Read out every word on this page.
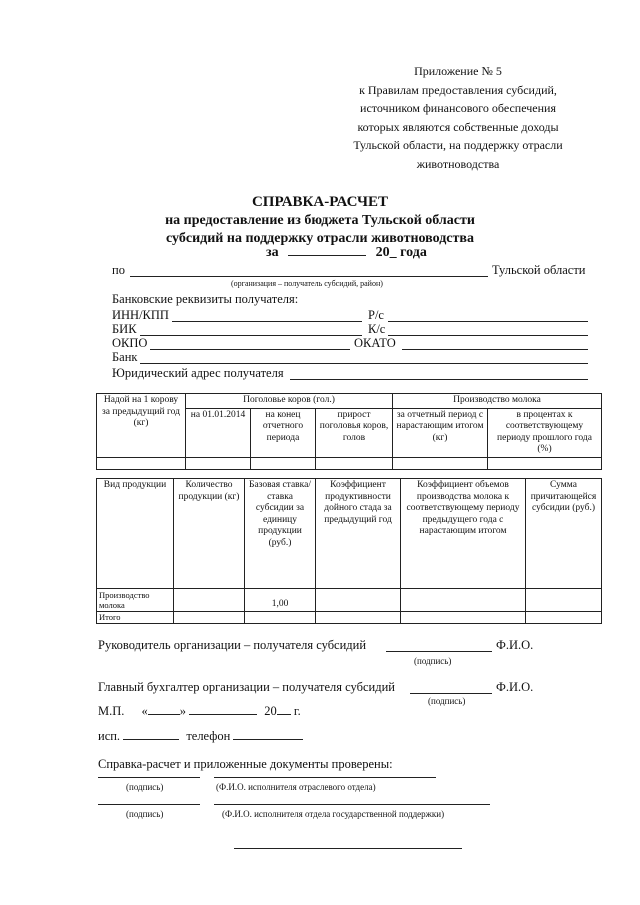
Приложение № 5
к Правилам предоставления субсидий,
источником финансового обеспечения
которых являются собственные доходы
Тульской области, на поддержку отрасли
животноводства
СПРАВКА-РАСЧЕТ
на предоставление из бюджета Тульской области
субсидий на поддержку отрасли животноводства
за	20_ года
по	Тульской области
(организация – получатель субсидий, район)
Банковские реквизиты получателя:
ИНН/КПП	Р/с
БИК	К/с
ОКПО	ОКАТО
Банк
Юридический адрес получателя
Надой на 1 корову за предыдущий год (кг)	Поголовье коров (гол.)			Производство молока	
	на 01.01.2014	на конец отчетного периода	прирост поголовья коров, голов	за отчетный период с нарастающим итогом (кг)	в процентах к соответствующему периоду прошлого года (%)

Вид продукции	Количество продукции (кг)	Базовая ставка/ ставка субсидии за единицу продукции (руб.)	Коэффициент продуктивности дойного стада за предыдущий год	Коэффициент объемов производства молока к соответствующему периоду предыдущего года с нарастающим итогом	Сумма причитающейся субсидии (руб.)
Производство молока		1,00			
Итого					
Руководитель организации – получателя субсидий	Ф.И.О.
(подпись)
Главный бухгалтер организации – получателя субсидий	Ф.И.О.
(подпись)
М.П. «	»	20 г.
исп.	телефон
Справка-расчет и приложенные документы проверены:
(подпись)	(Ф.И.О. исполнителя отраслевого отдела)
(подпись)	(Ф.И.О. исполнителя отдела государственной поддержки)
